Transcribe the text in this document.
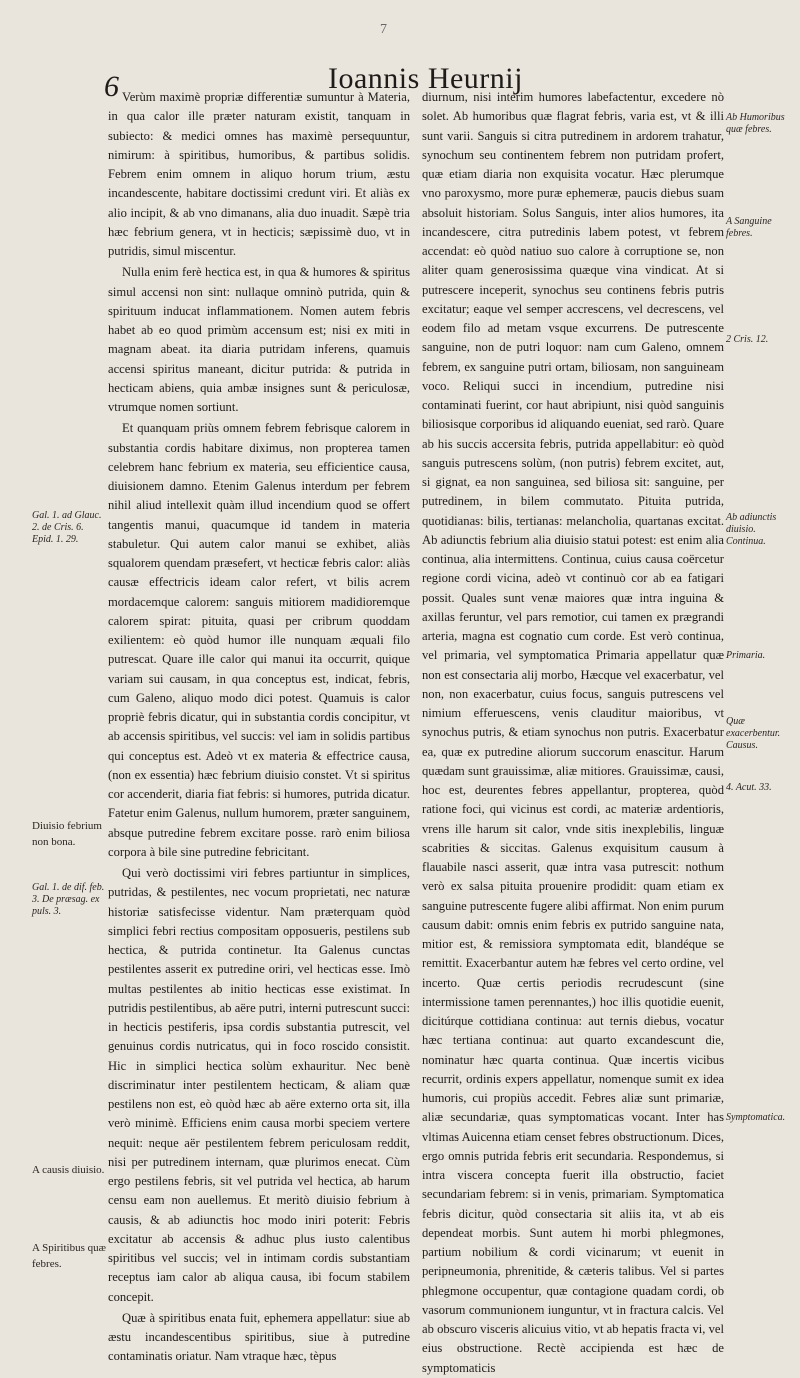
7
6	Ioannis Heurnij

Verùm maximè propriæ differentiæ sumuntur à Materia, in qua calor ille præter naturam existit, tanquam in subiecto: & medici omnes has maximè persequuntur, nimirum: à spiritibus, humoribus, & partibus solidis. Febrem enim omnem in aliquo horum trium, æstu incandescente, habitare doctissimi credunt viri. Et aliàs ex alio incipit, & ab vno dimanans, alia duo inuadit. Sæpè tria hæc febrium genera, vt in hecticis; sæpissimè duo, vt in putridis, simul miscentur.

Nulla enim ferè hectica est, in qua & humores & spiritus simul accensi non sint: nullaque omninò putrida, quin & spirituum inducat inflammationem. Nomen autem febris habet ab eo quod primùm accensum est; nisi ex miti in magnam abeat. ita diaria putridam inferens, quamuis accensi spiritus maneant, dicitur putrida: & putrida in hecticam abiens, quia ambæ insignes sunt & periculosæ, vtrumque nomen sortiunt.

Et quanquam priùs omnem febrem febrisque calorem in substantia cordis habitare diximus, non propterea tamen celebrem hanc febrium ex materia, seu efficientice causa, diuisionem damno. Etenim Galenus interdum per febrem nihil aliud intellexit quàm illud incendium quod se offert tangentis manui, quacumque id tandem in materia stabuletur. Qui autem calor manui se exhibet, aliàs squalorem quendam præsefert, vt hecticæ febris calor: aliàs causæ effectricis ideam calor refert, vt bilis acrem mordacemque calorem: sanguis mitiorem madidioremque calorem spirat: pituita, quasi per cribrum quoddam exilientem: eò quòd humor ille nunquam æquali filo putrescat. Quare ille calor qui manui ita occurrit, quique variam sui causam, in qua conceptus est, indicat, febris, cum Galeno, aliquo modo dici potest. Quamuis is calor propriè febris dicatur, qui in substantia cordis concipitur, vt ab accensis spiritibus, vel succis: vel iam in solidis partibus qui conceptus est. Adeò vt ex materia & effectrice causa, (non ex essentia) hæc febrium diuisio constet. Vt si spiritus cor accenderit, diaria fiat febris: si humores, putrida dicatur. Fatetur enim Galenus, nullum humorem, præter sanguinem, absque putredine febrem excitare posse. rarò enim biliosa corpora à bile sine putredine febricitant.

Qui verò doctissimi viri febres partiuntur in simplices, putridas, & pestilentes, nec vocum proprietati, nec naturæ historiæ satisfecisse videntur. Nam præterquam quòd simplici febri rectius compositam opposueris, pestilens sub hectica, & putrida continetur. Ita Galenus cunctas pestilentes asserit ex putredine oriri, vel hecticas esse. Imò multas pestilentes ab initio hecticas esse existimat. In putridis pestilentibus, ab aëre putri, interni putrescunt succi: in hecticis pestiferis, ipsa cordis substantia putrescit, vel genuinus cordis nutricatus, qui in foco roscido consistit. Hic in simplici hectica solùm exhauritur. Nec benè discriminatur inter pestilentem hecticam, & aliam quæ pestilens non est, eò quòd hæc ab aëre externo orta sit, illa verò minimè. Efficiens enim causa morbi speciem vertere nequit: neque aër pestilentem febrem periculosam reddit, nisi per putredinem internam, quæ plurimos enecat. Cùm ergo pestilens febris, sit vel putrida vel hectica, ab harum censu eam non auellemus. Et meritò diuisio febrium à causis, & ab adiunctis hoc modo iniri poterit: Febris excitatur ab accensis & adhuc plus iusto calentibus spiritibus vel succis; vel in intimam cordis substantiam receptus iam calor ab aliqua causa, ibi focum stabilem concepit.

Quæ à spiritibus enata fuit, ephemera appellatur: siue ab æstu incandescentibus spiritibus, siue à putredine contaminatis oriatur. Nam vtraque hæc, tèpus

diurnum, nisi interim humores labefactentur, excedere nò solet. Ab humoribus quæ flagrat febris, varia est, vt & illi sunt varii. Sanguis si citra putredinem in ardorem trahatur, synochum seu continentem febrem non putridam profert, quæ etiam diaria non exquisita vocatur. Hæc plerumque vno paroxysmo, more puræ ephemeræ, paucis diebus suam absoluit historiam. Solus Sanguis, inter alios humores, ita incandescere, citra putredinis labem potest, vt febrem accendat: eò quòd natiuo suo calore à corruptione se, non aliter quam generosissima quæque vina vindicat. At si putrescere inceperit, synochus seu continens febris putris excitatur; eaque vel semper accrescens, vel decrescens, vel eodem filo ad metam vsque excurrens. De putrescente sanguine, non de putri loquor: nam cum Galeno, omnem febrem, ex sanguine putri ortam, biliosam, non sanguineam voco. Reliqui succi in incendium, putredine nisi contaminati fuerint, cor haut abripiunt, nisi quòd sanguinis biliosisque corporibus id aliquando eueniat, sed rarò. Quare ab his succis accersita febris, putrida appellabitur: eò quòd sanguis putrescens solùm, (non putris) febrem excitet, aut, si gignat, ea non sanguinea, sed biliosa sit: sanguine, per putredinem, in bilem commutato. Pituita putrida, quotidianas: bilis, tertianas: melancholia, quartanas excitat. Ab adiunctis febrium alia diuisio statui potest: est enim alia continua, alia intermittens. Continua, cuius causa coërcetur regione cordi vicina, adeò vt continuò cor ab ea fatigari possit. Quales sunt venæ maiores quæ intra inguina & axillas feruntur, vel pars remotior, cui tamen ex prægrandi arteria, magna est cognatio cum corde. Est verò continua, vel primaria, vel symptomatica Primaria appellatur quæ non est consectaria alij morbo, Hæcque vel exacerbatur, vel non, non exacerbatur, cuius focus, sanguis putrescens vel nimium efferuescens, venis clauditur maioribus, vt synochus putris, & etiam synochus non putris. Exacerbatur ea, quæ ex putredine aliorum succorum enascitur. Harum quædam sunt grauissimæ, aliæ mitiores. Grauissimæ, causi, hoc est, deurentes febres appellantur, propterea, quòd ratione foci, qui vicinus est cordi, ac materiæ ardentioris, vrens ille harum sit calor, vnde sitis inexplebilis, linguæ scabrities & siccitas. Galenus exquisitum causum à flauabile nasci asserit, quæ intra vasa putrescit: nothum verò ex salsa pituita prouenire prodidit: quam etiam ex sanguine putrescente fugere alibi affirmat. Non enim purum causum dabit: omnis enim febris ex putrido sanguine nata, mitior est, & remissiora symptomata edit, blandéque se remittit. Exacerbantur autem hæ febres vel certo ordine, vel incerto. Quæ certis periodis recrudescunt (sine intermissione tamen perennantes,) hoc illis quotidie euenit, dicitúrque cottidiana continua: aut ternis diebus, vocatur hæc tertiana continua: aut quarto excandescunt die, nominatur hæc quarta continua. Quæ incertis vicibus recurrit, ordinis expers appellatur, nomenque sumit ex idea humoris, cui propiùs accedit. Febres aliæ sunt primariæ, aliæ secundariæ, quas symptomaticas vocant. Inter has vltimas Auicenna etiam censet febres obstructionum. Dices, ergo omnis putrida febris erit secundaria. Respondemus, si intra viscera concepta fuerit illa obstructio, faciet secundariam febrem: si in venis, primariam. Symptomatica febris dicitur, quòd consectaria sit aliis ita, vt ab eis dependeat morbis. Sunt autem hi morbi phlegmones, partium nobilium & cordi vicinarum; vt euenit in peripneumonia, phrenitide, & cæteris talibus. Vel si partes phlegmone occupentur, quæ contagione quadam cordi, ob vasorum communionem iunguntur, vt in fractura calcis. Vel ab obscuro visceris alicuius vitio, vt ab hepatis fracta vi, vel eius obstructione. Rectè accipienda est hæc de symptomaticis

Gal. 1. ad Glauc. 2. de Cris. 6. Epid. 1. 29.
Diuisio febrium non bona.
Gal. 1. de dif. feb. 3. De præsag. ex puls. 3.
A causis diuisio.
A Spiritibus quæ febres.
Ab Humoribus quæ febres.
A Sanguine febres.
2 Cris. 12.
Ab adiunctis diuisio. Continua.
Primaria.
Quæ exacerbentur. Causus.
4. Acut. 33.
Symptomatica.
